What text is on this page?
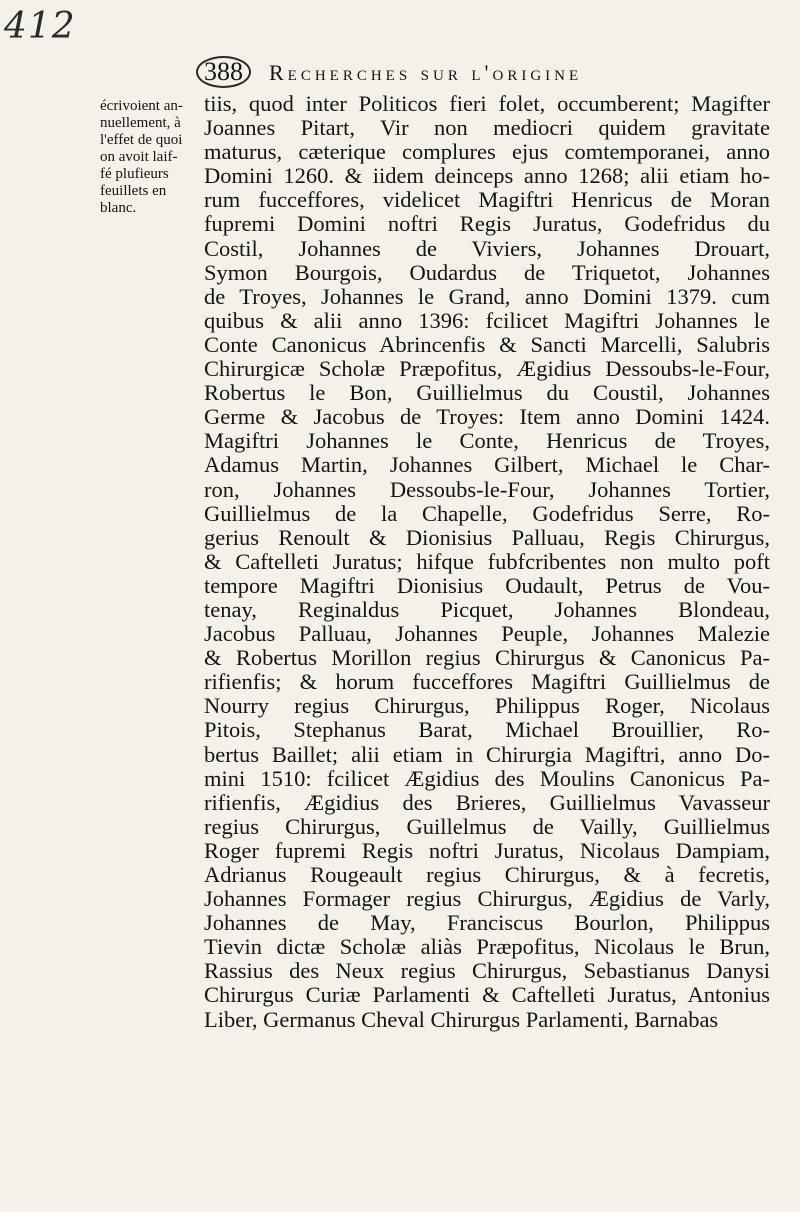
412
388	Recherches sur l'origine
écrivoient an-
nuellement, à
l'effet de quoi
on avoit laif-
fé plufieurs
feuillets en
blanc.
tiis, quod inter Politicos fieri folet, occumberent; Magifter
Joannes Pitart, Vir non mediocri quidem gravitate
maturus, cæterique complures ejus comtemporanei, anno
Domini 1260. & iidem deinceps anno 1268; alii etiam ho-
rum fucceffores, videlicet Magiftri Henricus de Moran
fupremi Domini noftri Regis Juratus, Godefridus du
Costil, Johannes de Viviers, Johannes Drouart,
Symon Bourgois, Oudardus de Triquetot, Johannes
de Troyes, Johannes le Grand, anno Domini 1379. cum
quibus & alii anno 1396: fcilicet Magiftri Johannes le
Conte Canonicus Abrincenfis & Sancti Marcelli, Salubris
Chirurgicæ Scholæ Præpofitus, Ægidius Dessoubs-le-Four,
Robertus le Bon, Guillielmus du Coustil, Johannes
Germe & Jacobus de Troyes: Item anno Domini 1424.
Magiftri Johannes le Conte, Henricus de Troyes,
Adamus Martin, Johannes Gilbert, Michael le Char-
ron, Johannes Dessoubs-le-Four, Johannes Tortier,
Guillielmus de la Chapelle, Godefridus Serre, Ro-
gerius Renoult & Dionisius Palluau, Regis Chirurgus,
& Caftelleti Juratus; hifque fubfcribentes non multo poft
tempore Magiftri Dionisius Oudault, Petrus de Vou-
tenay, Reginaldus Picquet, Johannes Blondeau,
Jacobus Palluau, Johannes Peuple, Johannes Malezie
& Robertus Morillon regius Chirurgus & Canonicus Pa-
rifienfis; & horum fucceffores Magiftri Guillielmus de
Nourry regius Chirurgus, Philippus Roger, Nicolaus
Pitois, Stephanus Barat, Michael Brouillier, Ro-
bertus Baillet; alii etiam in Chirurgia Magiftri, anno Do-
mini 1510: fcilicet Ægidius des Moulins Canonicus Pa-
rifienfis, Ægidius des Brieres, Guillielmus Vavasseur
regius Chirurgus, Guillelmus de Vailly, Guillielmus
Roger fupremi Regis noftri Juratus, Nicolaus Dampiam,
Adrianus Rougeault regius Chirurgus, & à fecretis,
Johannes Formager regius Chirurgus, Ægidius de Varly,
Johannes de May, Franciscus Bourlon, Philippus
Tievin dictæ Scholæ aliàs Præpofitus, Nicolaus le Brun,
Rassius des Neux regius Chirurgus, Sebastianus Danysi
Chirurgus Curiæ Parlamenti & Caftelleti Juratus, Antonius
Liber, Germanus Cheval Chirurgus Parlamenti, Barnabas
